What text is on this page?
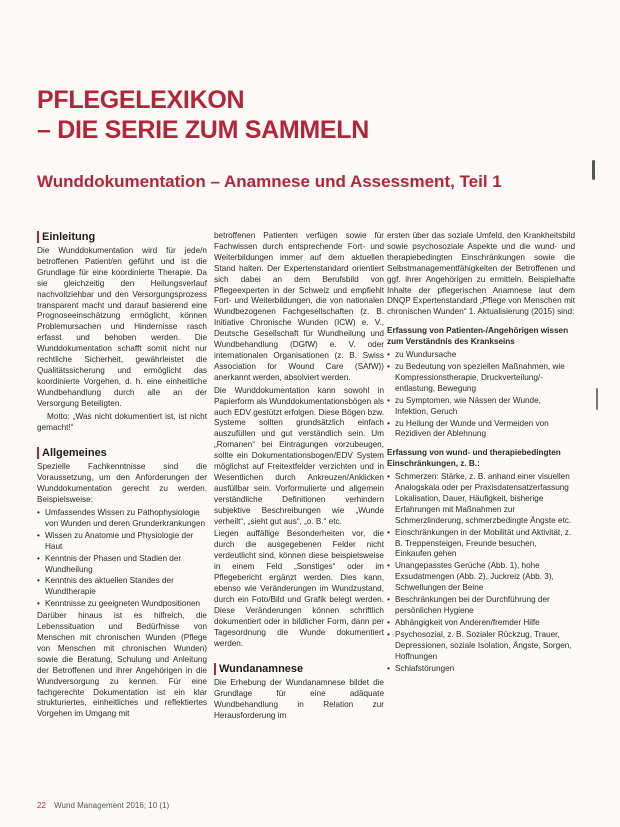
PFLEGELEXIKON
– DIE SERIE ZUM SAMMELN
Wunddokumentation – Anamnese und Assessment, Teil 1
Einleitung

Die Wunddokumentation wird für jede/n betroffenen Patient/en geführt und ist die Grundlage für eine koordinierte Therapie. Da sie gleichzeitig den Heilungsverlauf nachvollziehbar und den Versorgungsprozess transparent macht und darauf basierend eine Prognoseeinschätzung ermöglicht, können Problemursachen und Hindernisse rasch erfasst und behoben werden. Die Wunddokumentation schafft somit nicht nur rechtliche Sicherheit, gewährleistet die Qualitätssicherung und ermöglicht das koordinierte Vorgehen, d. h. eine einheitliche Wundbehandlung durch alle an der Versorgung Beteiligten.

Motto: „Was nicht dokumentiert ist, ist nicht gemacht!“

Allgemeines

Spezielle Fachkenntnisse sind die Voraussetzung, um den Anforderungen der Wunddokumentation gerecht zu werden. Beispielsweise:

• Umfassendes Wissen zu Pathophysiologie von Wunden und deren Grunderkrankungen
• Wissen zu Anatomie und Physiologie der Haut
• Kenntnis der Phasen und Stadien der Wundheilung
• Kenntnis des aktuellen Standes der Wundtherapie
• Kenntnisse zu geeigneten Wundpositionen

Darüber hinaus ist es hilfreich, die Lebenssituation und Bedürfnisse von Menschen mit chronischen Wunden (Pflege von Menschen mit chronischen Wunden) sowie die Beratung, Schulung und Anleitung der Betroffenen und ihrer Angehörigen in die Wundversorgung zu kennen. Für eine fachgerechte Dokumentation ist ein klar strukturiertes, einheitliches und reflektiertes Vorgehen im Umgang mit

betroffenen Patienten verfügen sowie für Fachwissen durch entsprechende Fort- und Weiterbildungen immer auf dem aktuellen Stand halten. Der Expertenstandard orientiert sich dabei an dem Berufsbild von Pflegeexperten in der Schweiz und empfiehlt Fort- und Weiterbildungen, die von nationalen Wundbezogenen Fachgesellschaften (z. B. Initiative Chronische Wunden (ICW) e. V., Deutsche Gesellschaft für Wundheilung und Wundbehandlung (DGfW) e. V. oder internationalen Organisationen (z. B. Swiss Association for Wound Care (SAfW)) anerkannt werden, absolviert werden.

Die Wunddokumentation kann sowohl in Papierform als Wunddokumentationsbögen als auch EDV gestützt erfolgen. Diese Bögen bzw. Systeme sollten grundsätzlich einfach auszufüllen und gut verständlich sein. Um „Romanen“ bei Eintragungen vorzubeugen, sollte ein Dokumentationsbogen/EDV System möglichst auf Freitextfelder verzichten und in Wesentlichen durch Ankreuzen/Anklicken ausfüllbar sein. Vorformulierte und allgemein verständliche Definitionen verhindern subjektive Beschreibungen wie „Wunde verheilt“, „sieht gut aus“, „o. B.“ etc.

Liegen auffällige Besonderheiten vor, die durch die ausgegebenen Felder nicht verdeutlicht sind, können diese beispielsweise in einem Feld „Sonstiges“ oder im Pflegebericht ergänzt werden. Dies kann, ebenso wie Veränderungen im Wundzustand, durch ein Foto/Bild und Grafik belegt werden. Diese Veränderungen können schriftlich dokumentiert oder in bildlicher Form, dann per Tagesordnung die Wunde dokumentiert werden.

Wundanamnese

Die Erhebung der Wundanamnese bildet die Grundlage für eine adäquate Wundbehandlung in Relation zur Herausforderung im

ersten über das soziale Umfeld, den Krankheitsbild sowie psychosoziale Aspekte und die wund- und therapiebedingten Einschränkungen sowie die Selbstmanagementfähigkeiten der Betroffenen und ggf. ihrer Angehörigen zu ermitteln. Beispielhafte Inhalte der pflegerischen Anamnese laut dem DNQP Expertenstandard „Pflege von Menschen mit chronischen Wunden“ 1. Aktualisierung (2015) sind:

Erfassung von Patienten-/Angehörigen wissen zum Verständnis des Krankseins

• zu Wundursache
• zu Bedeutung von speziellen Maßnahmen, wie Kompressionstherapie, Druckverteilung/-entlastung, Bewegung
• zu Symptomen, wie Nässen der Wunde, Infektion, Geruch
• zu Heilung der Wunde und Vermeiden von Rezidiven der Ablehnung

Erfassung von wund- und therapiebedingten Einschränkungen, z. B.:

• Schmerzen: Stärke, z. B. anhand einer visuellen Analogskala oder per Praxisdatensatzerfassung Lokalisation, Dauer, Häufigkeit, bisherige Erfahrungen mit Maßnahmen zur Schmerzlinderung, schmerzbedingte Ängste etc.
• Einschränkungen in der Mobilität und Aktivität, z. B. Treppensteigen, Freunde besuchen, Einkaufen gehen
• Unangepasstes Gerüche (Abb. 1), hohe Exsudatmengen (Abb. 2), Juckreiz (Abb. 3), Schwellungen der Beine
• Beschränkungen bei der Durchführung der persönlichen Hygiene
• Abhängigkeit von Anderen/fremder Hilfe
• Psychosozial, z. B. Sozialer Rückzug, Trauer, Depressionen, soziale Isolation, Ängste, Sorgen, Hoffnungen
• Schlafstörungen
22 Wund Management 2016; 10 (1)
